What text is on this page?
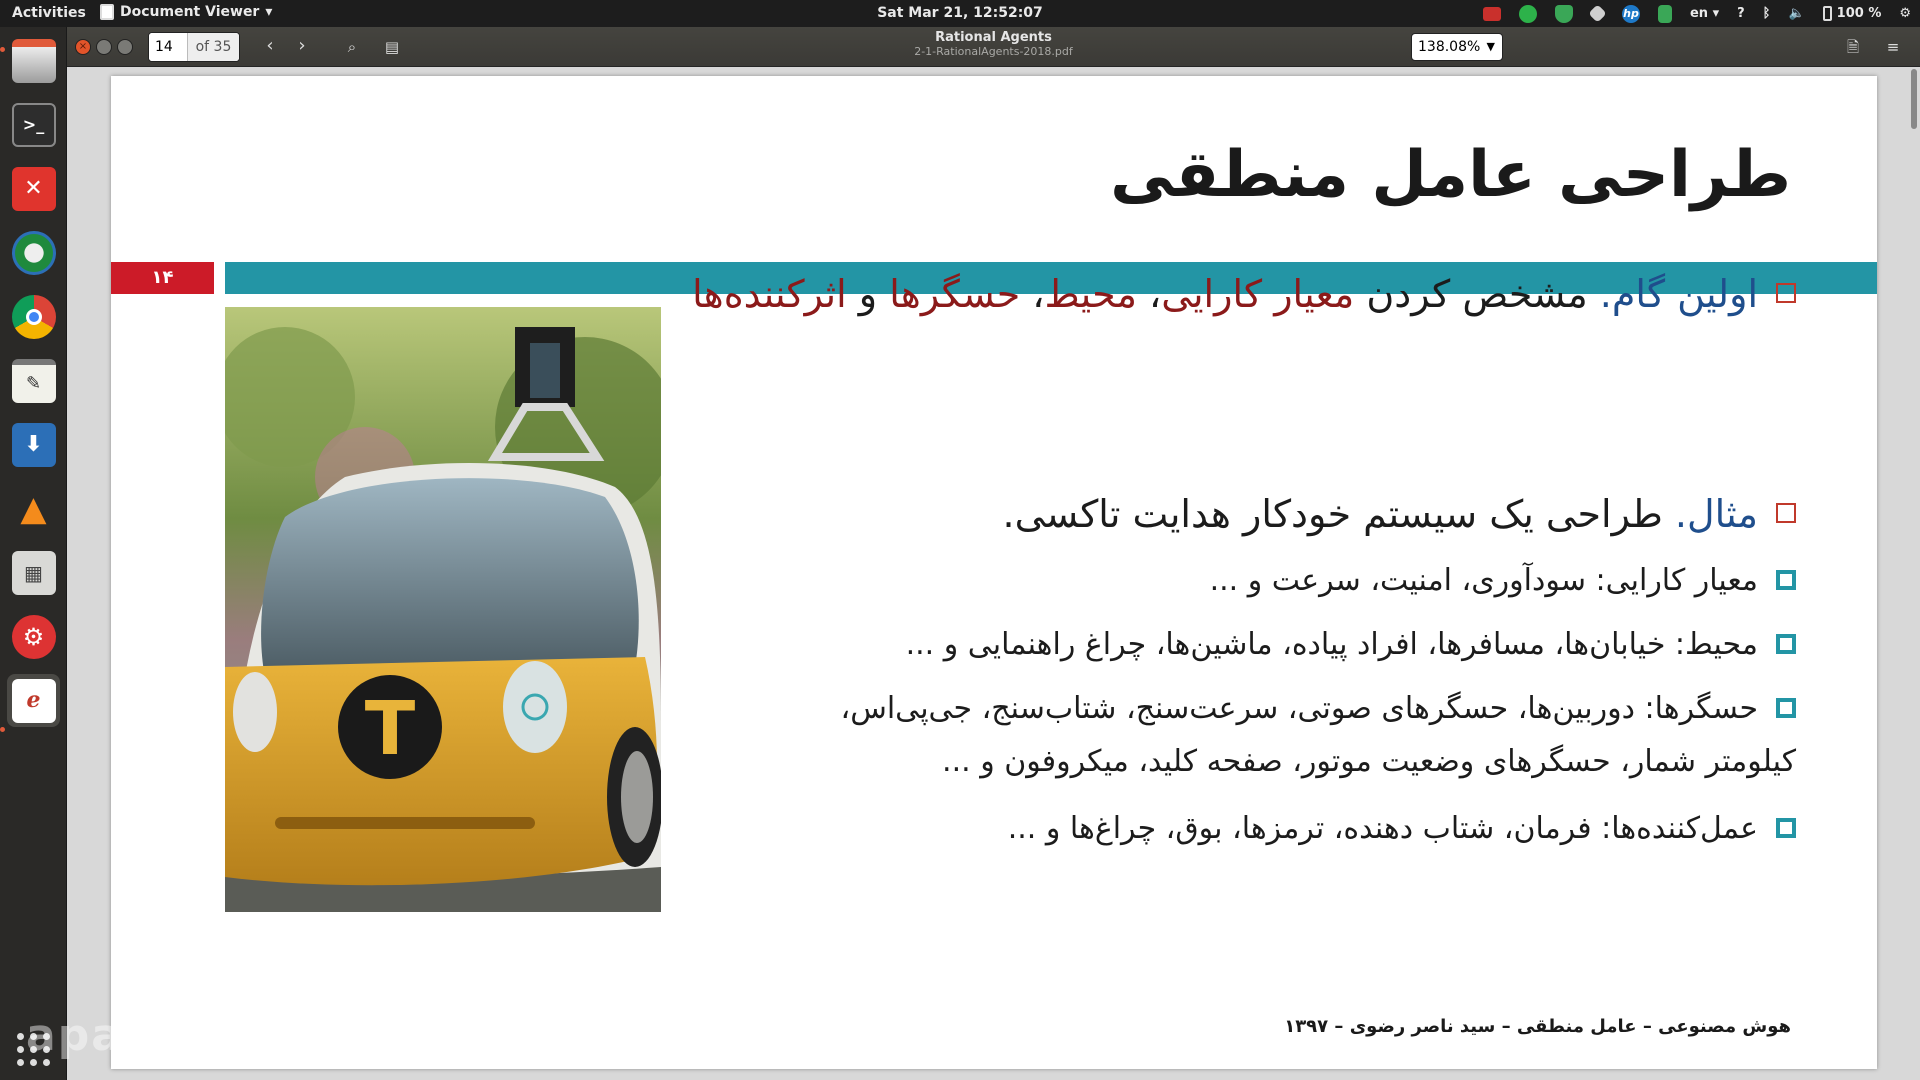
Activities Document Viewer ▾	Sat Mar 21, 12:52:07	hp	en
▾	?	ᛒ	🔈	100 %	⚙
>_
✕
✎
⬇
▲
▦
⚙
ℯ
×
14	of 35	‹	›	⌕	▤
Rational Agents
2-1-RationalAgents-2018.pdf	138.08% ▼	🗎	≡
طراحی عامل منطقی
۱۴
T
اولین گام. مشخص کردن معیار کارایی، محیط، حسگرها و اثرکننده‌ها
مثال. طراحی یک سیستم خودکار هدایت تاکسی.
معیار کارایی: سودآوری، امنیت، سرعت و ...
محیط: خیابان‌ها، مسافرها، افراد پیاده، ماشین‌ها، چراغ راهنمایی و ...
حسگرها: دوربین‌ها، حسگرهای صوتی، سرعت‌سنج، شتاب‌سنج، جی‌پی‌اس،
کیلومتر شمار، حسگرهای وضعیت موتور، صفحه کلید، میکروفون و ...
عمل‌کننده‌ها: فرمان، شتاب دهنده، ترمزها، بوق، چراغ‌ها و ...
هوش مصنوعی – عامل منطقی – سید ناصر رضوی – ۱۳۹۷
apa
